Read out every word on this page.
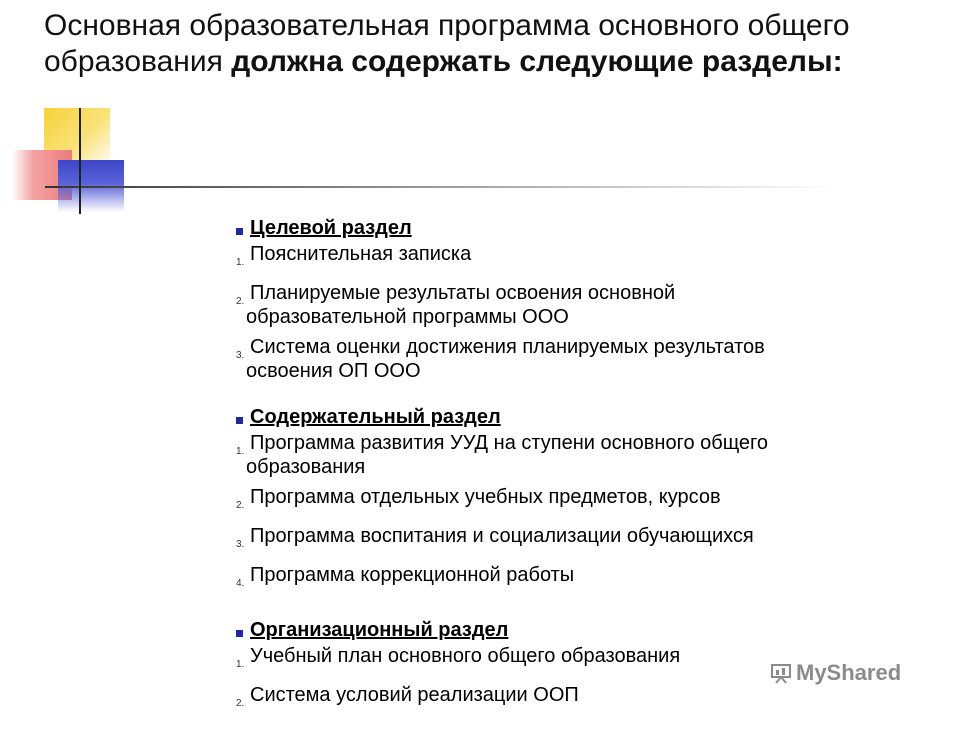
Основная образовательная программа основного общего образования должна содержать следующие разделы:
Целевой раздел
1. Пояснительная записка
2. Планируемые результаты освоения основной
образовательной программы ООО
3. Система оценки достижения планируемых результатов
освоения ОП ООО
Содержательный раздел
1. Программа развития УУД на ступени основного общего
образования
2. Программа отдельных учебных предметов, курсов
3. Программа воспитания и социализации обучающихся
4. Программа коррекционной работы
Организационный раздел
1. Учебный план основного общего образования
2. Система условий реализации ООП
MyShared
